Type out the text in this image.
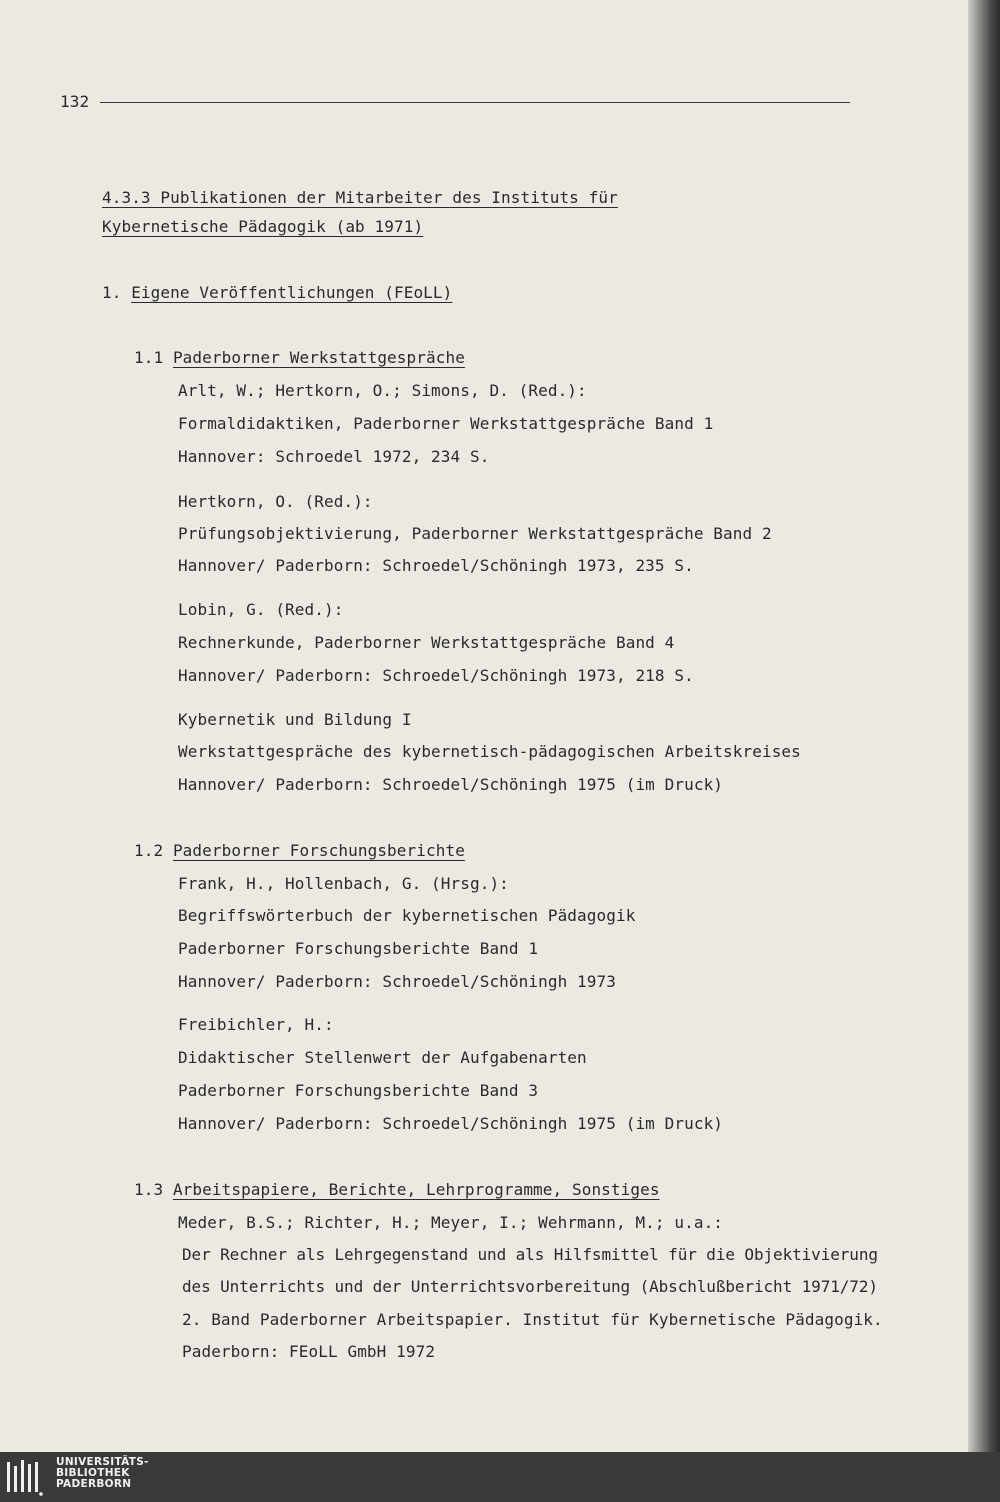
132
4.3.3 Publikationen der Mitarbeiter des Instituts für
Kybernetische Pädagogik (ab 1971)
1. Eigene Veröffentlichungen (FEoLL)
1.1 Paderborner Werkstattgespräche
Arlt, W.; Hertkorn, O.; Simons, D. (Red.):
Formaldidaktiken, Paderborner Werkstattgespräche Band 1
Hannover: Schroedel 1972, 234 S.
Hertkorn, O. (Red.):
Prüfungsobjektivierung, Paderborner Werkstattgespräche Band 2
Hannover/ Paderborn: Schroedel/Schöningh 1973, 235 S.
Lobin, G. (Red.):
Rechnerkunde, Paderborner Werkstattgespräche Band 4
Hannover/ Paderborn: Schroedel/Schöningh 1973, 218 S.
Kybernetik und Bildung I
Werkstattgespräche des kybernetisch-pädagogischen Arbeitskreises
Hannover/ Paderborn: Schroedel/Schöningh 1975 (im Druck)
1.2 Paderborner Forschungsberichte
Frank, H., Hollenbach, G. (Hrsg.):
Begriffswörterbuch der kybernetischen Pädagogik
Paderborner Forschungsberichte Band 1
Hannover/ Paderborn: Schroedel/Schöningh 1973
Freibichler, H.:
Didaktischer Stellenwert der Aufgabenarten
Paderborner Forschungsberichte Band 3
Hannover/ Paderborn: Schroedel/Schöningh 1975 (im Druck)
1.3 Arbeitspapiere, Berichte, Lehrprogramme, Sonstiges
Meder, B.S.; Richter, H.; Meyer, I.; Wehrmann, M.; u.a.:
Der Rechner als Lehrgegenstand und als Hilfsmittel für die Objektivierung
des Unterrichts und der Unterrichtsvorbereitung (Abschlußbericht 1971/72)
2. Band Paderborner Arbeitspapier. Institut für Kybernetische Pädagogik.
Paderborn: FEoLL GmbH 1972
UNIVERSITÄTS-
BIBLIOTHEK
PADERBORN
